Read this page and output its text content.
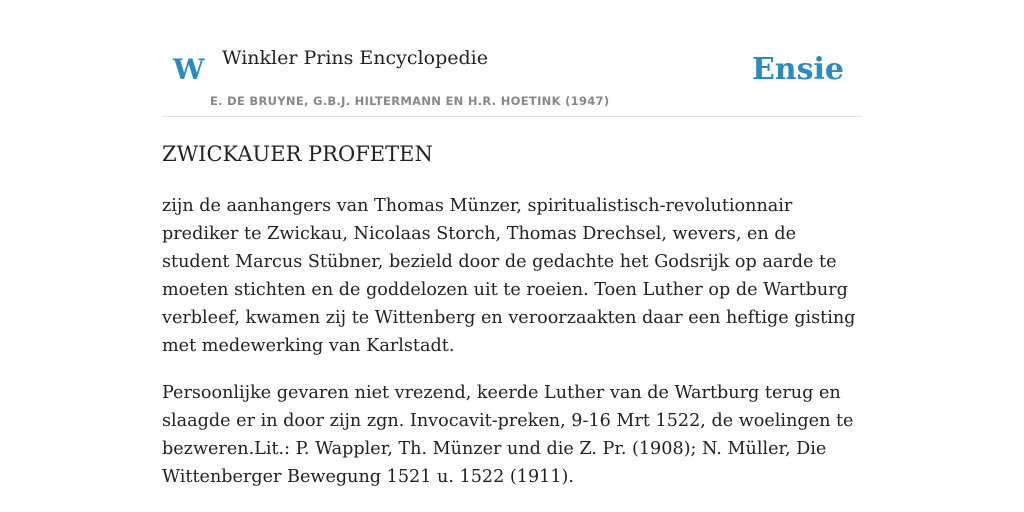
W Winkler Prins Encyclopedie
E. DE BRUYNE, G.B.J. HILTERMANN EN H.R. HOETINK (1947)
Ensie
ZWICKAUER PROFETEN

zijn de aanhangers van Thomas Münzer, spiritualistisch-revolutionnair prediker te Zwickau, Nicolaas Storch, Thomas Drechsel, wevers, en de student Marcus Stübner, bezield door de gedachte het Godsrijk op aarde te moeten stichten en de goddelozen uit te roeien. Toen Luther op de Wartburg verbleef, kwamen zij te Wittenberg en veroorzaakten daar een heftige gisting met medewerking van Karlstadt.

Persoonlijke gevaren niet vrezend, keerde Luther van de Wartburg terug en slaagde er in door zijn zgn. Invocavit-preken, 9-16 Mrt 1522, de woelingen te bezweren.Lit.: P. Wappler, Th. Münzer und die Z. Pr. (1908); N. Müller, Die Wittenberger Bewegung 1521 u. 1522 (1911).
